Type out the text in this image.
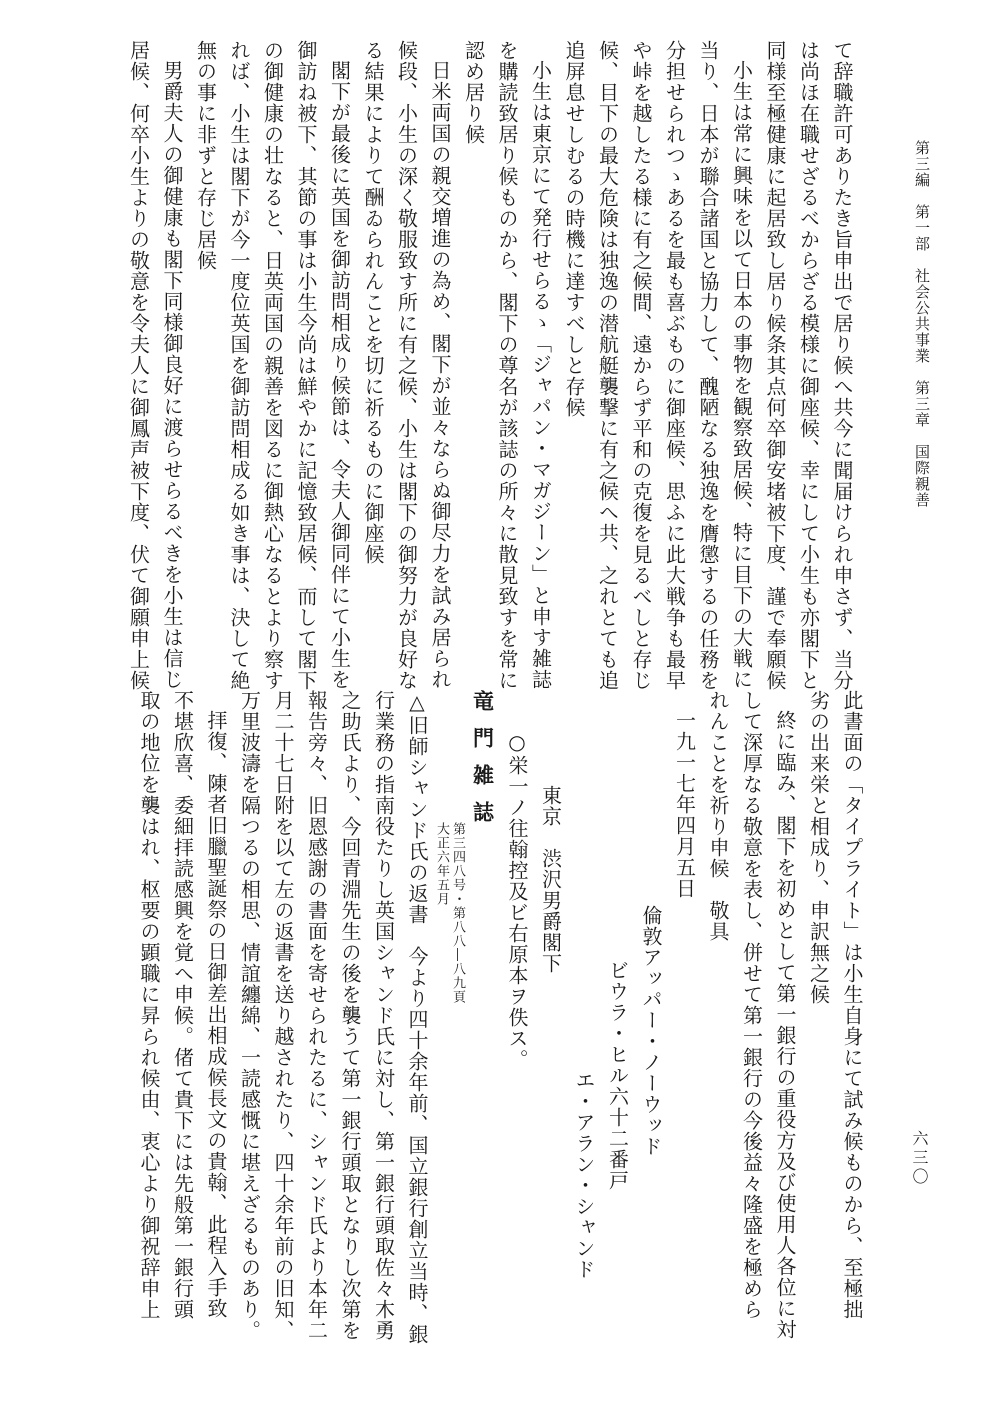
第三編　第一部　社会公共事業　第三章　国際親善
六三〇
て辞職許可ありたき旨申出で居り候へ共今に聞届けられ申さず、当分
は尚ほ在職せざるべからざる模様に御座候、幸にして小生も亦閣下と
同様至極健康に起居致し居り候条其点何卒御安堵被下度、謹で奉願候
小生は常に興味を以て日本の事物を観察致居候、特に目下の大戦に
当り、日本が聯合諸国と協力して、醜陋なる独逸を膺懲するの任務を
分担せられつゝあるを最も喜ぶものに御座候、思ふに此大戦争も最早
や峠を越したる様に有之候間、遠からず平和の克復を見るべしと存じ
候、目下の最大危険は独逸の潜航艇襲撃に有之候へ共、之れとても追
追屏息せしむるの時機に達すべしと存候
小生は東京にて発行せらるゝ「ジャパン・マガジーン」と申す雑誌
を購読致居り候ものから、閣下の尊名が該誌の所々に散見致すを常に
認め居り候
日米両国の親交増進の為め、閣下が並々ならぬ御尽力を試み居られ
候段、小生の深く敬服致す所に有之候、小生は閣下の御努力が良好な
る結果によりて酬ゐられんことを切に祈るものに御座候
閣下が最後に英国を御訪問相成り候節は、令夫人御同伴にて小生を
御訪ね被下、其節の事は小生今尚は鮮やかに記憶致居候、而して閣下
の御健康の壮なると、日英両国の親善を図るに御熱心なるとより察す
れば、小生は閣下が今一度位英国を御訪問相成る如き事は、決して絶
無の事に非ずと存じ居候
男爵夫人の御健康も閣下同様御良好に渡らせらるべきを小生は信じ
居候、何卒小生よりの敬意を令夫人に御鳳声被下度、伏て御願申上候
此書面の「タイプライト」は小生自身にて試み候ものから、至極拙
劣の出来栄と相成り、申訳無之候
終に臨み、閣下を初めとして第一銀行の重役方及び使用人各位に対
して深厚なる敬意を表し、併せて第一銀行の今後益々隆盛を極めら
れんことを祈り申候　敬具
一九一七年四月五日
倫敦アッパー・ノーウッド
ビウラ・ヒル六十二番戸
エ・アラン・シャンド
東京　渋沢男爵閣下
○栄一ノ往翰控及ビ右原本ヲ佚ス。
竜門雑誌
第三四八号・第八八―八九頁
大正六年五月
△旧師シャンド氏の返書　今より四十余年前、国立銀行創立当時、銀
行業務の指南役たりし英国シャンド氏に対し、第一銀行頭取佐々木勇
之助氏より、今回青淵先生の後を襲うて第一銀行頭取となりし次第を
報告旁々、旧恩感謝の書面を寄せられたるに、シャンド氏より本年二
月二十七日附を以て左の返書を送り越されたり、四十余年前の旧知、
万里波濤を隔つるの相思、情誼纏綿、一読感慨に堪えざるものあり。
拝復、陳者旧臘聖誕祭の日御差出相成候長文の貴翰、此程入手致
不堪欣喜、委細拝読感興を覚へ申候。偖て貴下には先般第一銀行頭
取の地位を襲はれ、枢要の顕職に昇られ候由、衷心より御祝辞申上
